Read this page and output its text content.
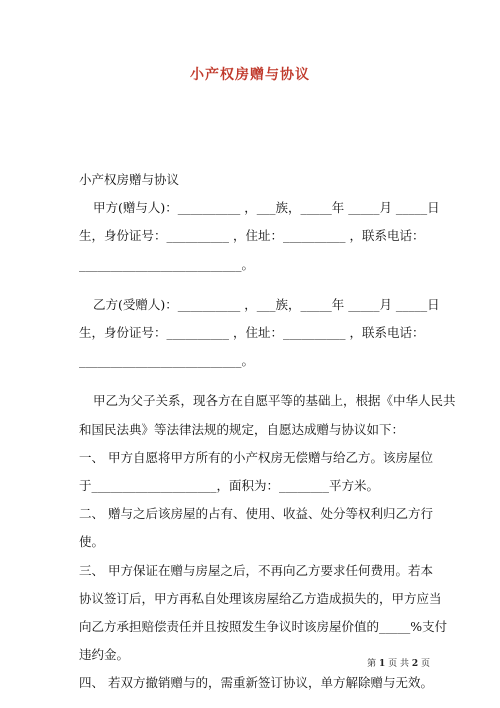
小产权房赠与协议
小产权房赠与协议
甲方(赠与人)：__________ ，___族，_____年 _____月 _____日
生，身份证号：__________ ，住址：__________ ，联系电话：
__________________________。
乙方(受赠人)：__________ ，___族，_____年 _____月 _____日
生，身份证号：__________ ，住址：__________ ，联系电话：
__________________________。
甲乙为父子关系，现各方在自愿平等的基础上，根据《中华人民共
和国民法典》等法律法规的规定，自愿达成赠与协议如下：
一、 甲方自愿将甲方所有的小产权房无偿赠与给乙方。该房屋位
于____________________，面积为：________平方米。
二、 赠与之后该房屋的占有、使用、收益、处分等权利归乙方行
使。
三、 甲方保证在赠与房屋之后，不再向乙方要求任何费用。若本
协议签订后，甲方再私自处理该房屋给乙方造成损失的，甲方应当
向乙方承担赔偿责任并且按照发生争议时该房屋价值的_____%支付
违约金。
四、 若双方撤销赠与的，需重新签订协议，单方解除赠与无效。
第 1 页 共 2 页
